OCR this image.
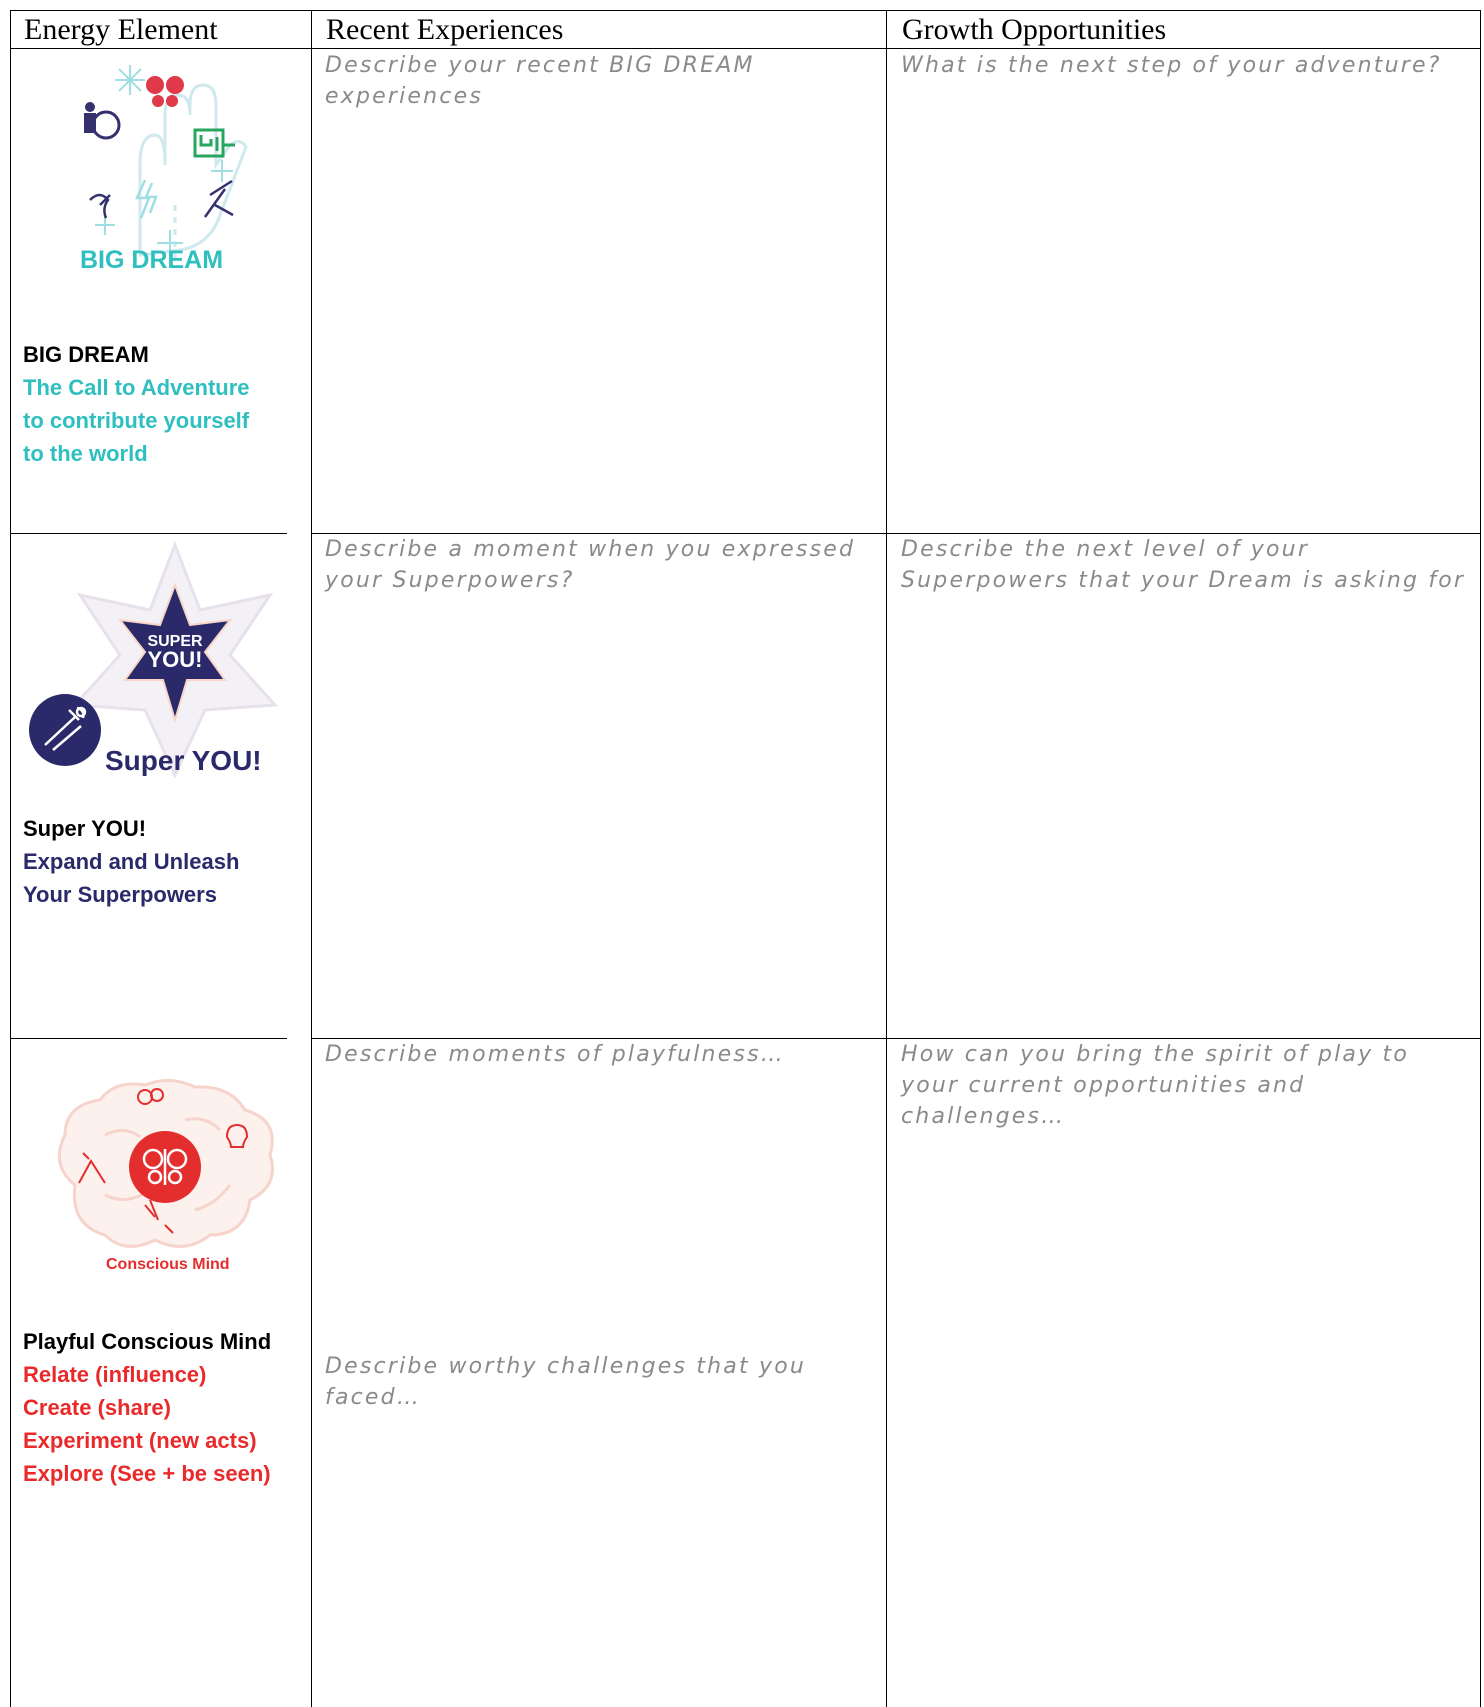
Energy Element	Recent Experiences	Growth Opportunities
BIG DREAM
BIG DREAM
The Call to Adventure
to contribute yourself
to the world
Describe your recent BIG DREAM experiences
What is the next step of your adventure?
SUPER
YOU!
Super YOU!
Super YOU!
Expand and Unleash
Your Superpowers
Describe a moment when you expressed your Superpowers?
Describe the next level of your Superpowers that your Dream is asking for
Conscious Mind
Playful Conscious Mind
Relate (influence)
Create (share)
Experiment (new acts)
Explore (See + be seen)
Describe moments of playfulness…
Describe worthy challenges that you faced…
How can you bring the spirit of play to your current opportunities and challenges…
